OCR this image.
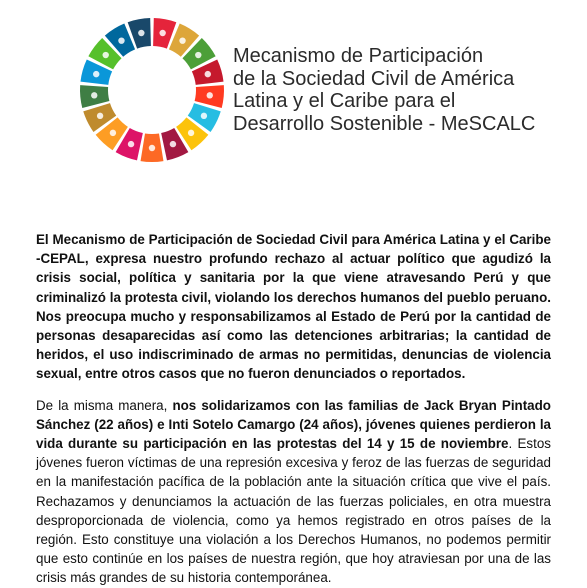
Mecanismo de Participación
de la Sociedad Civil de América
Latina y el Caribe para el
Desarrollo Sostenible - MeSCALC

El Mecanismo de Participación de Sociedad Civil para América Latina y el Caribe -CEPAL, expresa nuestro profundo rechazo al actuar político que agudizó la crisis social, política y sanitaria por la que viene atravesando Perú y que criminalizó la protesta civil, violando los derechos humanos del pueblo peruano. Nos preocupa mucho y responsabilizamos al Estado de Perú por la cantidad de personas desaparecidas así como las detenciones arbitrarias; la cantidad de heridos, el uso indiscriminado de armas no permitidas, denuncias de violencia sexual, entre otros casos que no fueron denunciados o reportados.

De la misma manera, nos solidarizamos con las familias de Jack Bryan Pintado Sánchez (22 años) e Inti Sotelo Camargo (24 años), jóvenes quienes perdieron la vida durante su participación en las protestas del 14 y 15 de noviembre. Estos jóvenes fueron víctimas de una represión excesiva y feroz de las fuerzas de seguridad en la manifestación pacífica de la población ante la situación crítica que vive el país. Rechazamos y denunciamos la actuación de las fuerzas policiales, en otra muestra desproporcionada de violencia, como ya hemos registrado en otros países de la región. Esto constituye una violación a los Derechos Humanos, no podemos permitir que esto continúe en los países de nuestra región, que hoy atraviesan por una de las crisis más grandes de su historia contemporánea.
